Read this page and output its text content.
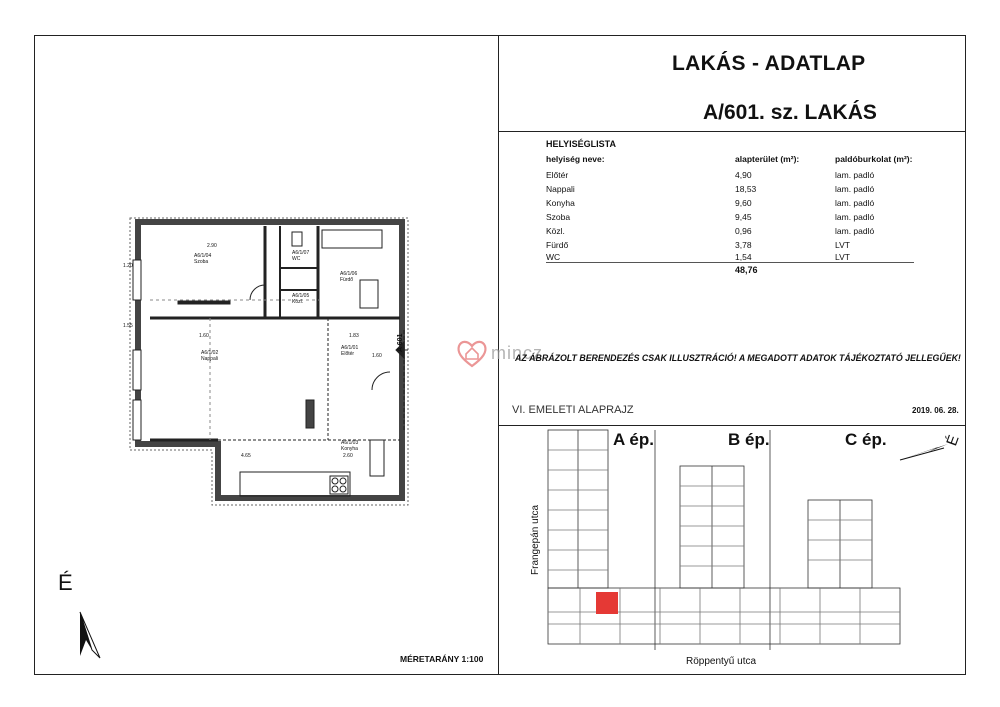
LAKÁS - ADATLAP
A/601. sz. LAKÁS
HELYISÉGLISTA
helyiség neve:	alapterület (m²):	paldóburkolat (m²):
Előtér	4,90	lam. padló
Nappali	18,53	lam. padló
Konyha	9,60	lam. padló
Szoba	9,45	lam. padló
Közl.	0,96	lam. padló
Fürdő	3,78	LVT
WC	1,54	LVT
48,76
mincz
AZ ÁBRÁZOLT BERENDEZÉS CSAK ILLUSZTRÁCIÓ! A MEGADOTT ADATOK TÁJÉKOZTATÓ JELLEGŰEK!
VI. EMELETI ALAPRAJZ	2019. 06. 28.
A 601
A6/1/04
Szoba
A6/1/02
Nappali
A6/1/01
Előtér
A6/1/03
Konyha
A6/1/07
WC
A6/1/06
Fürdő
A6/1/05
Közl.
2.90
1.60	1.83
4.65	2.60
1.20
1.55
1.60
MÉRETARÁNY 1:100
É
É
A ép.	B ép.	C ép.
Frangepán utca
Röppentyű utca
